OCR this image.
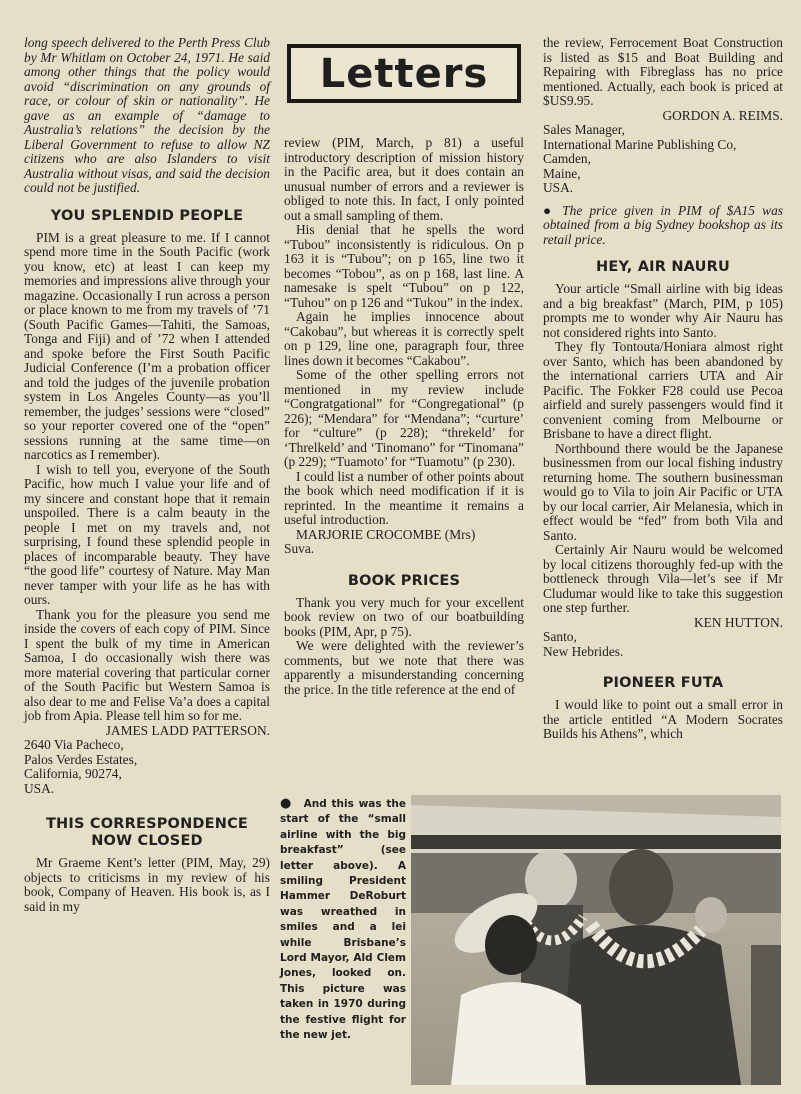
long speech delivered to the Perth Press Club by Mr Whitlam on October 24, 1971. He said among other things that the policy would avoid “discrimination on any grounds of race, or colour of skin or nationality”. He gave as an example of “damage to Australia’s relations” the decision by the Liberal Government to refuse to allow NZ citizens who are also Islanders to visit Australia without visas, and said the decision could not be justified.

YOU SPLENDID PEOPLE

PIM is a great pleasure to me. If I cannot spend more time in the South Pacific (work you know, etc) at least I can keep my memories and impressions alive through your magazine. Occasionally I run across a person or place known to me from my travels of ’71 (South Pacific Games—Tahiti, the Samoas, Tonga and Fiji) and of ’72 when I attended and spoke before the First South Pacific Judicial Conference (I’m a probation officer and told the judges of the juvenile probation system in Los Angeles County—as you’ll remember, the judges’ sessions were “closed” so your reporter covered one of the “open” sessions running at the same time—on narcotics as I remember).

I wish to tell you, everyone of the South Pacific, how much I value your life and of my sincere and constant hope that it remain unspoiled. There is a calm beauty in the people I met on my travels and, not surprising, I found these splendid people in places of incomparable beauty. They have “the good life” courtesy of Nature. May Man never tamper with your life as he has with ours.

Thank you for the pleasure you send me inside the covers of each copy of PIM. Since I spent the bulk of my time in American Samoa, I do occasionally wish there was more material covering that particular corner of the South Pacific but Western Samoa is also dear to me and Felise Va’a does a capital job from Apia. Please tell him so for me.

JAMES LADD PATTERSON.

2640 Via Pacheco,

Palos Verdes Estates,

California, 90274,

USA.

THIS CORRESPONDENCE
NOW CLOSED

Mr Graeme Kent’s letter (PIM, May, 29) objects to criticisms in my review of his book, Company of Heaven. His book is, as I said in my

Letters

review (PIM, March, p 81) a useful introductory description of mission history in the Pacific area, but it does contain an unusual number of errors and a reviewer is obliged to note this. In fact, I only pointed out a small sampling of them.

His denial that he spells the word “Tubou” inconsistently is ridiculous. On p 163 it is “Tubou”; on p 165, line two it becomes “Tobou”, as on p 168, last line. A namesake is spelt “Tubou” on p 122, “Tuhou” on p 126 and “Tukou” in the index.

Again he implies innocence about “Cakobau”, but whereas it is correctly spelt on p 129, line one, paragraph four, three lines down it becomes “Cakabou”.

Some of the other spelling errors not mentioned in my review include “Congratgational” for “Congregational” (p 226); “Mendara” for “Mendana”; “curture’ for “culture” (p 228); “threkeld’ for ‘Threlkeld’ and ‘Tinomano” for “Tinomana” (p 229); “Tuamoto’ for “Tuamotu” (p 230).

I could list a number of other points about the book which need modification if it is reprinted. In the meantime it remains a useful introduction.

MARJORIE CROCOMBE (Mrs)

Suva.

BOOK PRICES

Thank you very much for your excellent book review on two of our boatbuilding books (PIM, Apr, p 75).

We were delighted with the reviewer’s comments, but we note that there was apparently a misunderstanding concerning the price. In the title reference at the end of

the review, Ferrocement Boat Construction is listed as $15 and Boat Building and Repairing with Fibreglass has no price mentioned. Actually, each book is priced at $US9.95.

GORDON A. REIMS.

Sales Manager,

International Marine Publishing Co,

Camden,

Maine,

USA.

● The price given in PIM of $A15 was obtained from a big Sydney bookshop as its retail price.

HEY, AIR NAURU

Your article “Small airline with big ideas and a big breakfast” (March, PIM, p 105) prompts me to wonder why Air Nauru has not considered rights into Santo.

They fly Tontouta/Honiara almost right over Santo, which has been abandoned by the international carriers UTA and Air Pacific. The Fokker F28 could use Pecoa airfield and surely passengers would find it convenient coming from Melbourne or Brisbane to have a direct flight.

Northbound there would be the Japanese businessmen from our local fishing industry returning home. The southern businessman would go to Vila to join Air Pacific or UTA by our local carrier, Air Melanesia, which in effect would be “fed” from both Vila and Santo.

Certainly Air Nauru would be welcomed by local citizens thoroughly fed-up with the bottleneck through Vila—let’s see if Mr Cludumar would like to take this suggestion one step further.

KEN HUTTON.

Santo,

New Hebrides.

PIONEER FUTA

I would like to point out a small error in the article entitled “A Modern Socrates Builds his Athens”, which

●  And this was the start of the “small airline with the big breakfast” (see letter above). A smiling President Hammer DeRoburt was wreathed in smiles and a lei while Brisbane’s Lord Mayor, Ald Clem Jones, looked on. This picture was taken in 1970 during the festive flight for the new jet.
